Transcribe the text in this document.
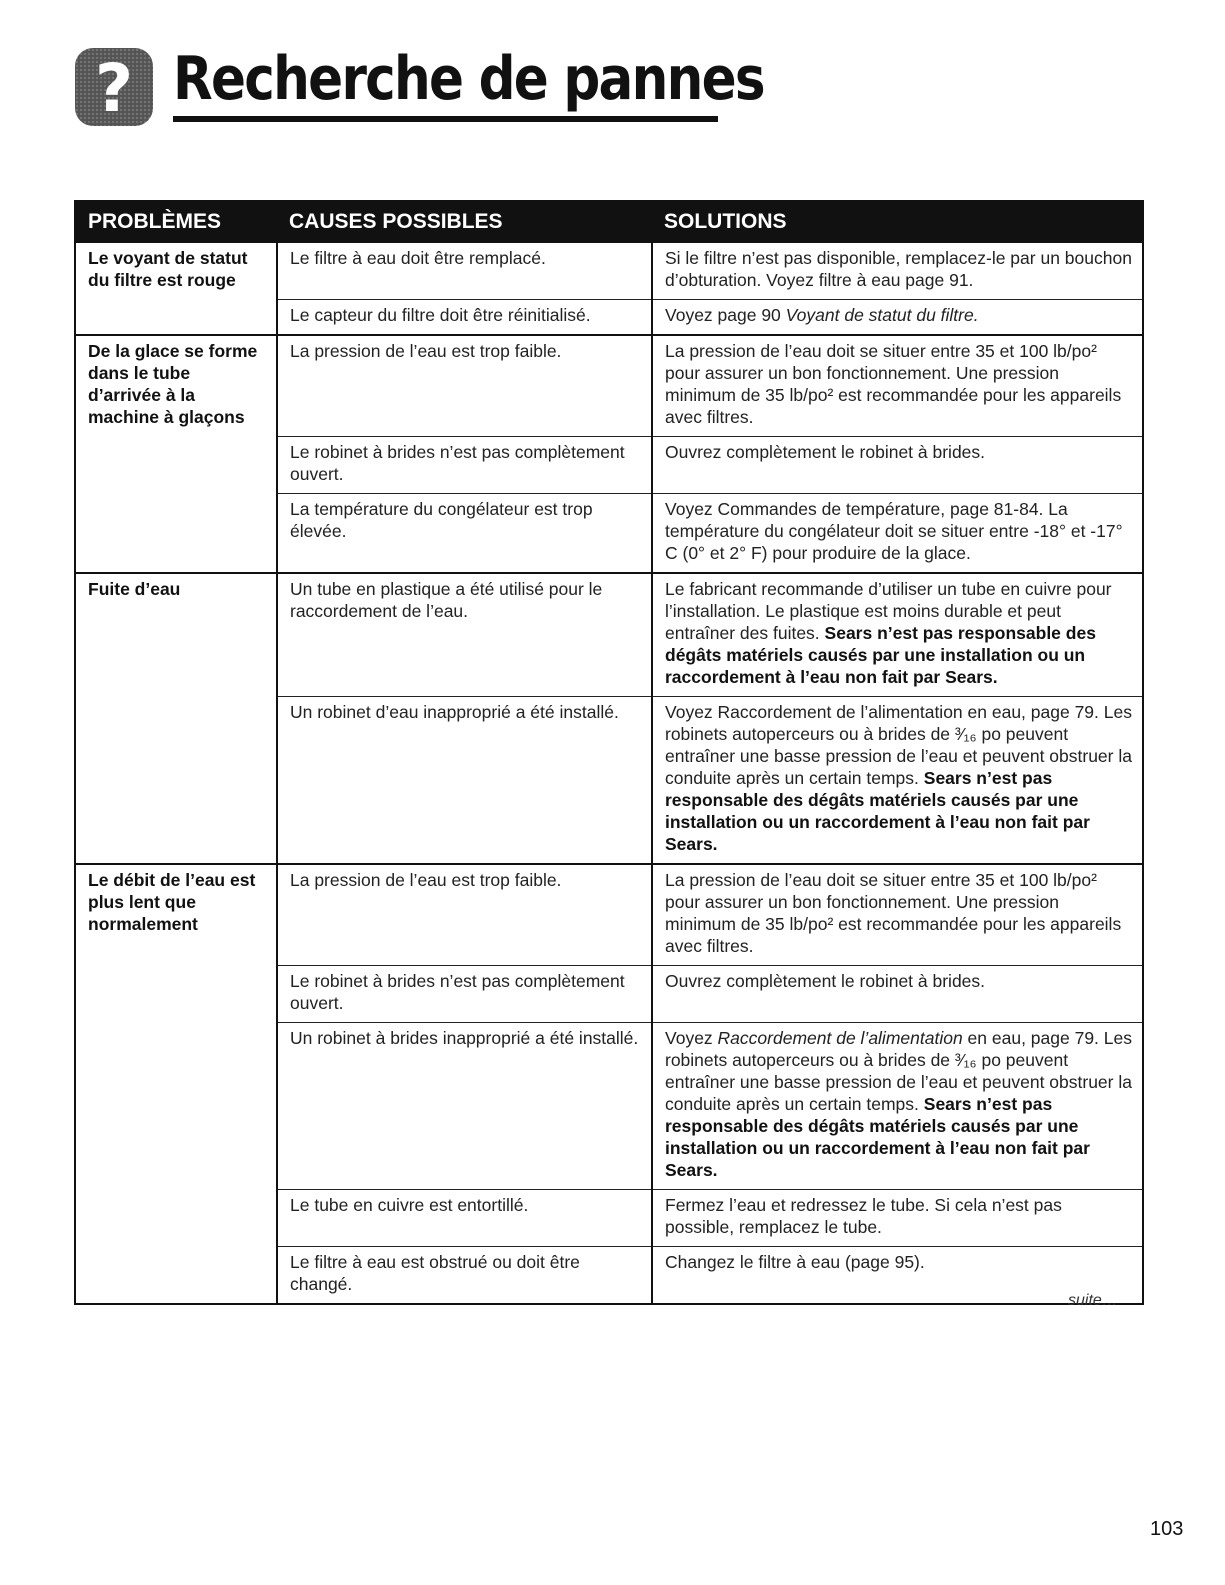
? Recherche de pannes
PROBLÈMES	CAUSES POSSIBLES	SOLUTIONS
Le voyant de statut du filtre est rouge	Le filtre à eau doit être remplacé.	Si le filtre n’est pas disponible, remplacez-le par un bouchon d’obturation. Voyez filtre à eau page 91.
	Le capteur du filtre doit être réinitialisé.	Voyez page 90 Voyant de statut du filtre.
De la glace se forme dans le tube d’arrivée à la machine à glaçons	La pression de l’eau est trop faible.	La pression de l’eau doit se situer entre 35 et 100 lb/po² pour assurer un bon fonctionnement. Une pression minimum de 35 lb/po² est recommandée pour les appareils avec filtres.
	Le robinet à brides n’est pas complètement ouvert.	Ouvrez complètement le robinet à brides.
	La température du congélateur est trop élevée.	Voyez Commandes de température, page 81-84. La température du congélateur doit se situer entre -18° et -17° C (0° et 2° F) pour produire de la glace.
Fuite d’eau	Un tube en plastique a été utilisé pour le raccordement de l’eau.	Le fabricant recommande d’utiliser un tube en cuivre pour l’installation. Le plastique est moins durable et peut entraîner des fuites. Sears n’est pas responsable des dégâts matériels causés par une installation ou un raccordement à l’eau non fait par Sears.
	Un robinet d’eau inapproprié a été installé.	Voyez Raccordement de l’alimentation en eau, page 79. Les robinets autoperceurs ou à brides de ³⁄₁₆ po peuvent entraîner une basse pression de l’eau et peuvent obstruer la conduite après un certain temps. Sears n’est pas responsable des dégâts matériels causés par une installation ou un raccordement à l’eau non fait par Sears.
Le débit de l’eau est plus lent que normalement	La pression de l’eau est trop faible.	La pression de l’eau doit se situer entre 35 et 100 lb/po² pour assurer un bon fonctionnement. Une pression minimum de 35 lb/po² est recommandée pour les appareils avec filtres.
	Le robinet à brides n’est pas complètement ouvert.	Ouvrez complètement le robinet à brides.
	Un robinet à brides inapproprié a été installé.	Voyez Raccordement de l’alimentation en eau, page 79. Les robinets autoperceurs ou à brides de ³⁄₁₆ po peuvent entraîner une basse pression de l’eau et peuvent obstruer la conduite après un certain temps. Sears n’est pas responsable des dégâts matériels causés par une installation ou un raccordement à l’eau non fait par Sears.
	Le tube en cuivre est entortillé.	Fermez l’eau et redressez le tube. Si cela n’est pas possible, remplacez le tube.
	Le filtre à eau est obstrué ou doit être changé.	Changez le filtre à eau (page 95).
suite…
103
